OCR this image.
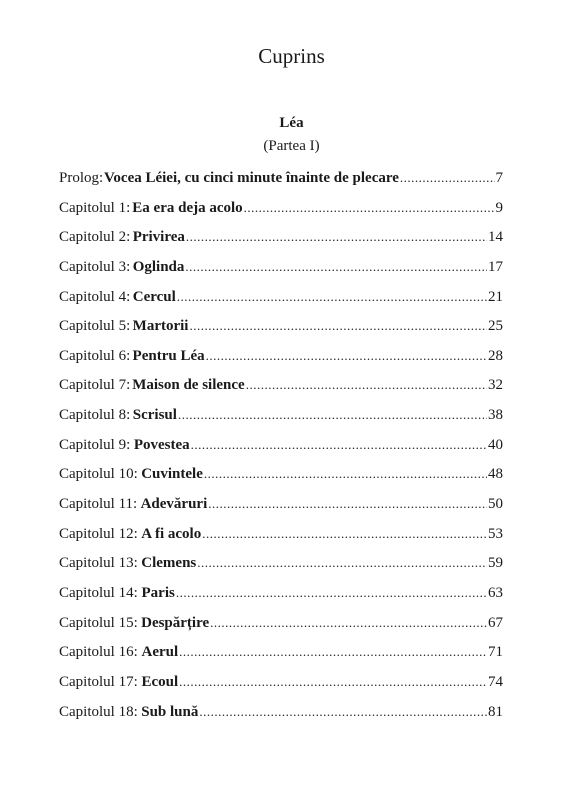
Cuprins
Léa
(Partea I)
Prolog: Vocea Léiei, cu cinci minute înainte de plecare .....	7
Capitolul 1: Ea era deja acolo .....	9
Capitolul 2: Privirea .....	14
Capitolul 3: Oglinda .....	17
Capitolul 4: Cercul .....	21
Capitolul 5: Martorii .....	25
Capitolul 6: Pentru Léa .....	28
Capitolul 7: Maison de silence .....	32
Capitolul 8: Scrisul .....	38
Capitolul 9: Povestea .....	40
Capitolul 10: Cuvintele .....	48
Capitolul 11: Adevăruri .....	50
Capitolul 12: A fi acolo .....	53
Capitolul 13: Clemens .....	59
Capitolul 14: Paris .....	63
Capitolul 15: Despărțire .....	67
Capitolul 16: Aerul .....	71
Capitolul 17: Ecoul .....	74
Capitolul 18: Sub lună .....	81
